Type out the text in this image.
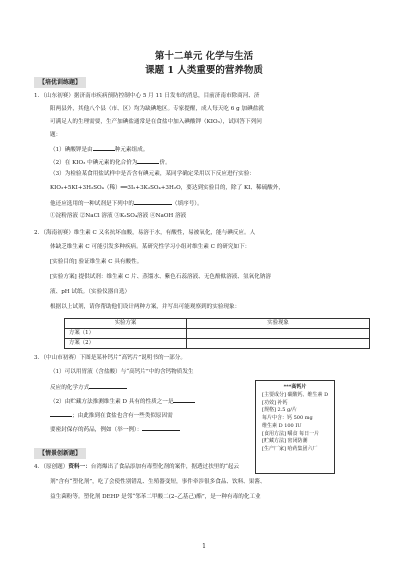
第十二单元 化学与生活
课题 1 人类重要的营养物质
【培优训练题】
1．（山东初赛）据济南市疾病预防控制中心 5 月 11 日发布的消息，目前济南市除商河、济
阳两县外，其他八个县（市、区）均为缺碘地区。专家提醒，成人每天吃 6 g 加碘盐就
可满足人的生理需要，生产加碘盐通常是在食盐中加入碘酸钾（KIO₃），试回答下列问
题：
（1）碘酸钾是由	种元素组成。
（2）在 KIO₃ 中碘元素的化合价为	价。
（3）为检验某食用盐试样中是否含有碘元素，某同学确定采用以下反应进行实验：
KIO₃+5KI+3H₂SO₄（稀）══3I₂+3K₂SO₄+3H₂O，要达到实验目的，除了 KI、稀硫酸外，
他还应选用的一种试剂是下列中的	（填序号）。
①淀粉溶液 ②NaCl 溶液 ③K₂SO₄溶液 ④NaOH 溶液
2．（海南初赛）维生素 C 又名抗坏血酸，易溶于水，有酸性，易被氧化，能与碘反应。人
体缺乏维生素 C 可能引发多种疾病。某研究性学习小组对维生素 C 的研究如下：
[实验目的] 验证维生素 C 具有酸性。
[实验方案] 提供试剂：维生素 C 片、蒸馏水、紫色石蕊溶液、无色酚酞溶液、氢氧化钠溶
液、pH 试纸。（实验仪器自选）
根据以上试剂，请你帮助他们设计两种方案，并写出可能观察到的实验现象：
实验方案	实验现象
方案（1）	
方案（2）	
3．（中山市初赛）下图是某补钙片“高钙片”说明书的一部分。
（1）可以用胃液（含盐酸）与“高钙片”中的含钙物质发生
反应的化学方式
（2）由贮藏方法推测维生素 D 具有的性质之一是
；由此推到在食盐也含有一些类似原因需
要密封保存的药品，例如（举一例）：
***高钙片
[主要成分] 碳酸钙、维生素 D
[功效] 补钙
[规格] 2.5 g/片
每片中含：钙 500 mg
维生素 D 100 IU
[食用方法] 嚼食 每日一片
[贮藏方法] 密闭防潮
[生产厂家] 哈药集团六厂
【情景创新题】
4．（原创题）资料一：台湾爆出了食品添加有毒塑化剂的案件，据透过扶里的“起云
剂”含有“塑化剂”，吃了会使性别错乱、生殖器变短，事件牵涉很多食品、饮料、果酱、
益生菌粉等。塑化剂 DEHP 是邻“邻苯二甲酸二(2–乙基己)酯”，是一种有毒的化工业
1
